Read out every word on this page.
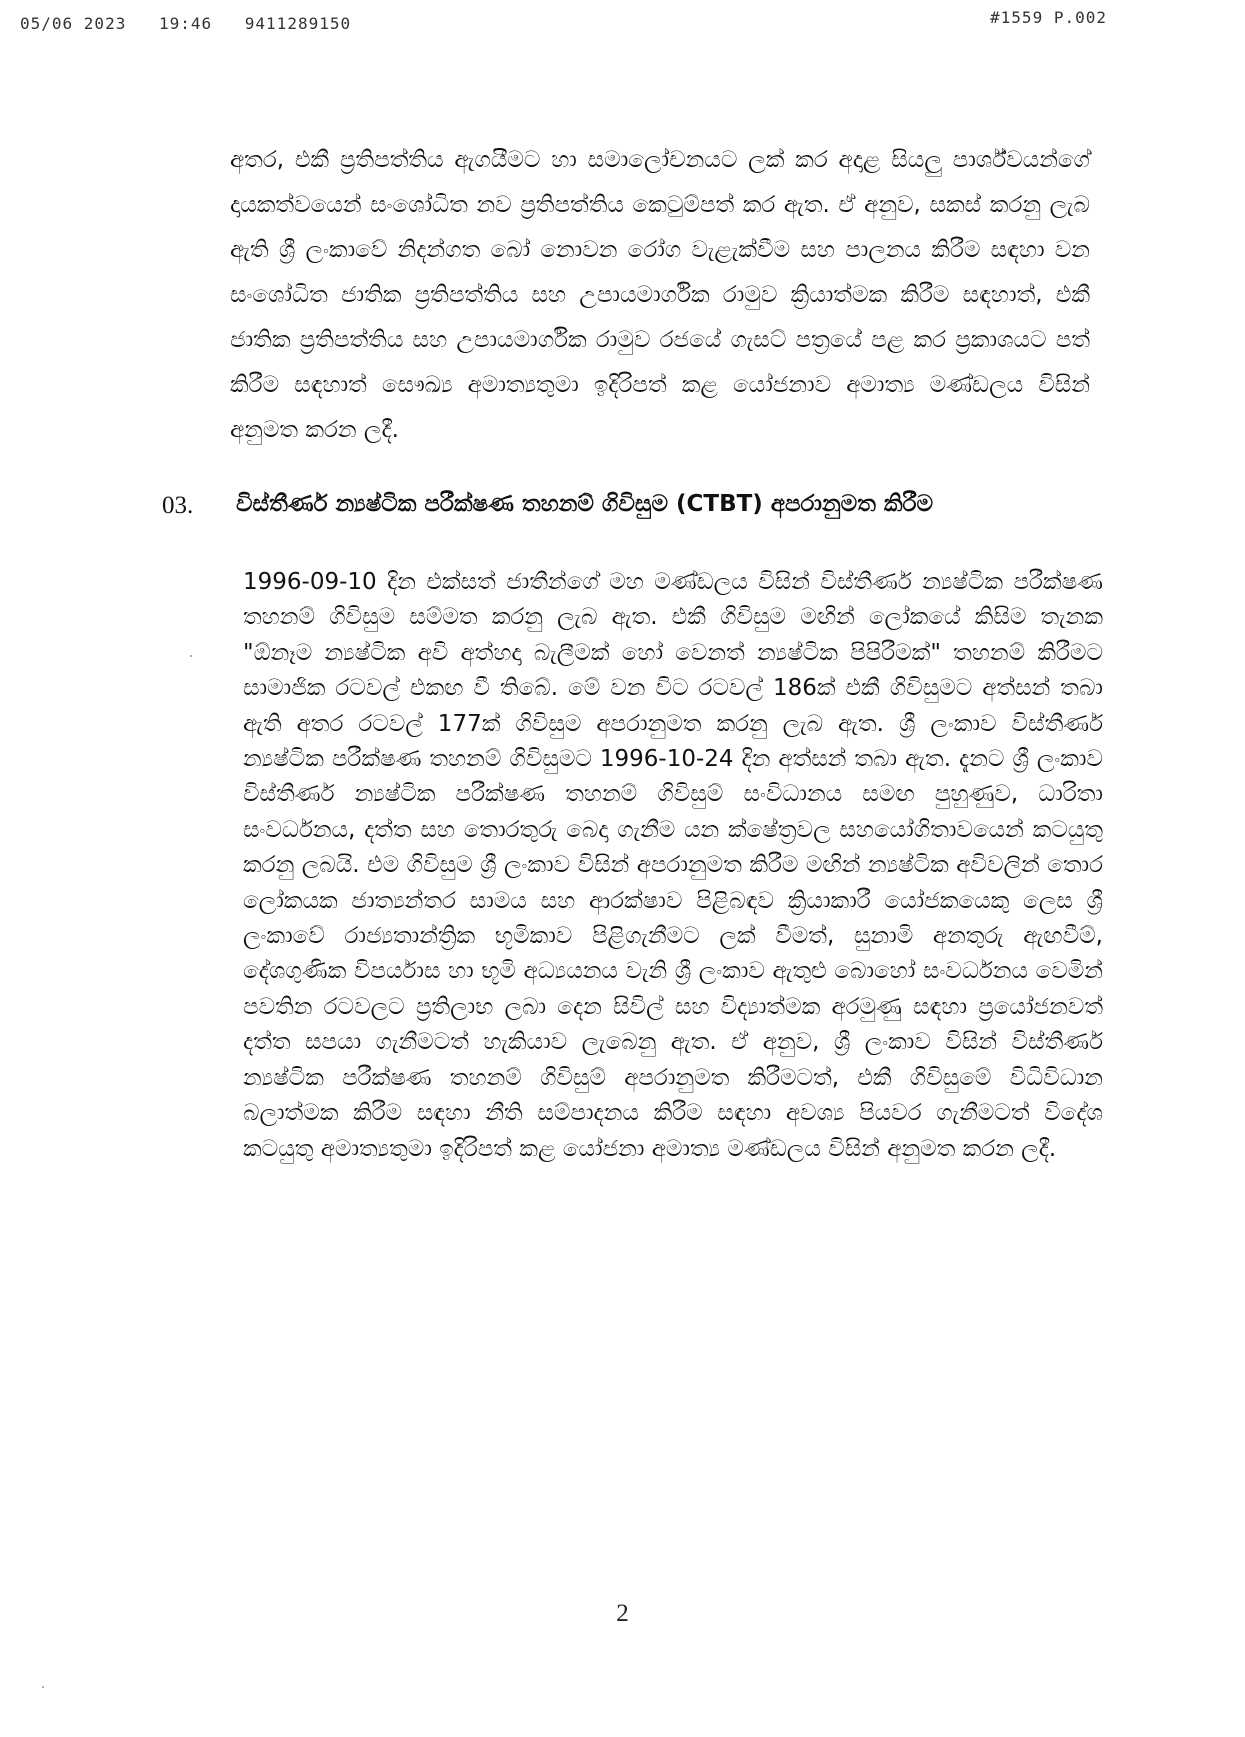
05/06 2023 19:46 9411289150	#1559 P.002

අතර, එකී ප්‍රතිපත්තිය ඇගයීමට හා සමාලෝචනයට ලක් කර අදාළ සියලු පාර්ශ්වයන්ගේ දායකත්වයෙන් සංශෝධිත නව ප්‍රතිපත්තිය කෙටුම්පත් කර ඇත. ඒ අනුව, සකස් කරනු ලැබ ඇති ශ්‍රී ලංකාවේ නිදන්ගත බෝ නොවන රෝග වැළැක්වීම සහ පාලනය කිරීම සඳහා වන සංශෝධිත ජාතික ප්‍රතිපත්තිය සහ උපායමාර්ගික රාමුව ක්‍රියාත්මක කිරීම සඳහාත්, එකී ජාතික ප්‍රතිපත්තිය සහ උපායමාර්ගික රාමුව රජයේ ගැසට් පත්‍රයේ පළ කර ප්‍රකාශයට පත් කිරීම සඳහාත් සෞඛ්‍ය අමාත්‍යතුමා ඉදිරිපත් කළ යෝජනාව අමාත්‍ය මණ්ඩලය විසින් අනුමත කරන ලදී.

03. විස්තීර්ණ න්‍යෂ්ටික පරීක්ෂණ තහනම් ගිවිසුම (CTBT) අපරානුමත කිරීම

1996-09-10 දින එක්සත් ජාතීන්ගේ මහ මණ්ඩලය විසින් විස්තීර්ණ න්‍යෂ්ටික පරීක්ෂණ තහනම් ගිවිසුම සම්මත කරනු ලැබ ඇත. එකී ගිවිසුම මඟින් ලෝකයේ කිසිම තැනක "ඕනෑම න්‍යෂ්ටික අවි අත්හදා බැලීමක් හෝ වෙනත් න්‍යෂ්ටික පිපිරීමක්" තහනම් කිරීමට සාමාජික රටවල් එකඟ වී තිබේ. මේ වන විට රටවල් 186ක් එකී ගිවිසුමට අත්සන් තබා ඇති අතර රටවල් 177ක් ගිවිසුම අපරානුමත කරනු ලැබ ඇත. ශ්‍රී ලංකාව විස්තීර්ණ න්‍යෂ්ටික පරීක්ෂණ තහනම් ගිවිසුමට 1996-10-24 දින අත්සන් තබා ඇත. දැනට ශ්‍රී ලංකාව විස්තීර්ණ න්‍යෂ්ටික පරීක්ෂණ තහනම් ගිවිසුම් සංවිධානය සමඟ පුහුණුව, ධාරිතා සංවර්ධනය, දත්ත සහ තොරතුරු බෙදා ගැනීම යන ක්ෂේත්‍රවල සහයෝගිතාවයෙන් කටයුතු කරනු ලබයි. එම ගිවිසුම ශ්‍රී ලංකාව විසින් අපරානුමත කිරීම මඟින් න්‍යෂ්ටික අවිවලින් තොර ලෝකයක ජාත්‍යන්තර සාමය සහ ආරක්ෂාව පිළිබඳව ක්‍රියාකාරී යෝජකයෙකු ලෙස ශ්‍රී ලංකාවේ රාජ්‍යතාන්ත්‍රික භූමිකාව පිළිගැනීමට ලක් වීමත්, සුනාමි අනතුරු ඇඟවීම්, දේශගුණික විපර්යාස හා භූමි අධ්‍යයනය වැනි ශ්‍රී ලංකාව ඇතුළු බොහෝ සංවර්ධනය වෙමින් පවතින රටවලට ප්‍රතිලාභ ලබා දෙන සිවිල් සහ විද්‍යාත්මක අරමුණු සඳහා ප්‍රයෝජනවත් දත්ත සපයා ගැනීමටත් හැකියාව ලැබෙනු ඇත. ඒ අනුව, ශ්‍රී ලංකාව විසින් විස්තීර්ණ න්‍යෂ්ටික පරීක්ෂණ තහනම් ගිවිසුම් අපරානුමත කිරීමටත්, එකී ගිවිසුමේ විධිවිධාන බලාත්මක කිරීම සඳහා නීති සම්පාදනය කිරීම සඳහා අවශ්‍ය පියවර ගැනීමටත් විදේශ කටයුතු අමාත්‍යතුමා ඉදිරිපත් කළ යෝජනා අමාත්‍ය මණ්ඩලය විසින් අනුමත කරන ලදී.

2
